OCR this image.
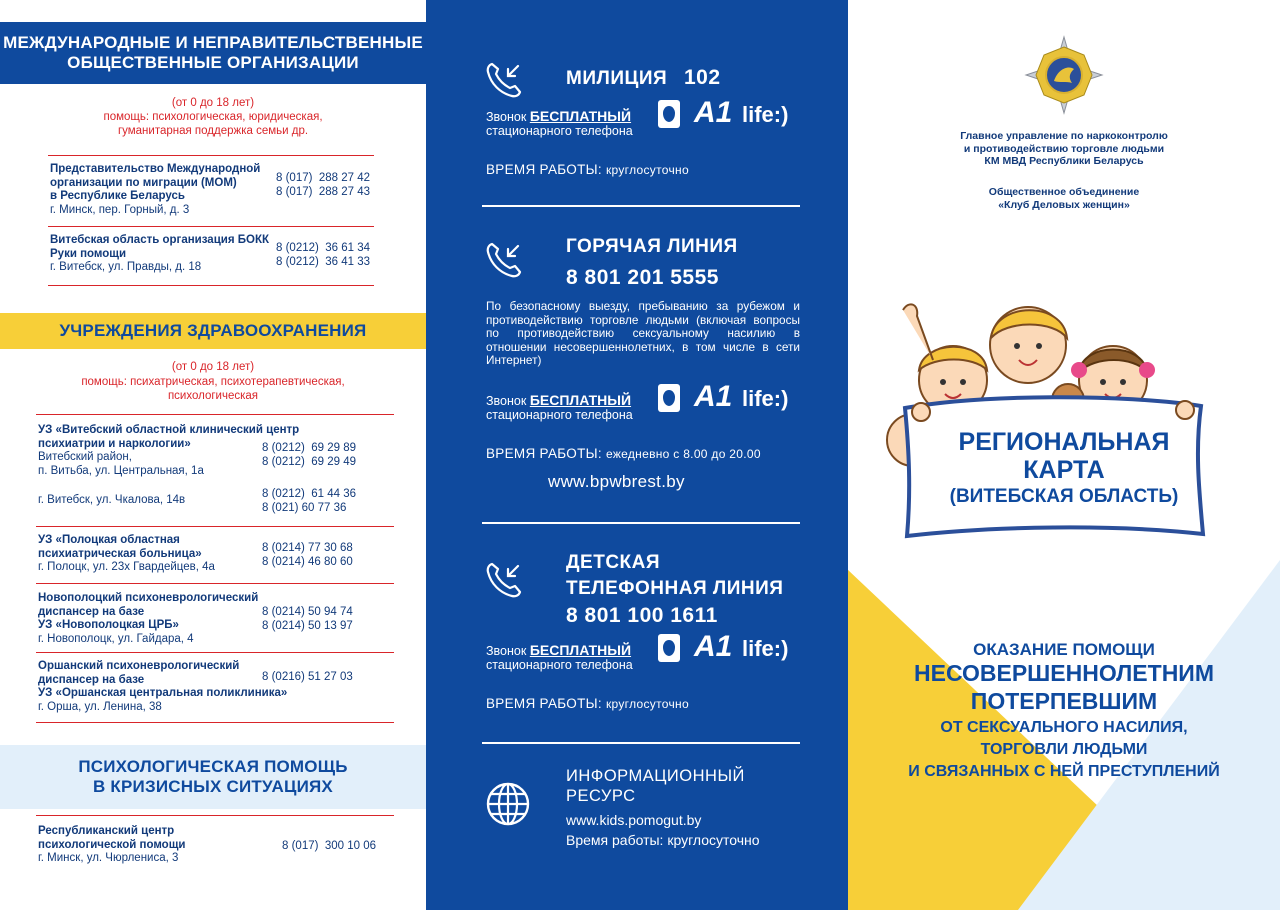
МЕЖДУНАРОДНЫЕ И НЕПРАВИТЕЛЬСТВЕННЫЕ
ОБЩЕСТВЕННЫЕ ОРГАНИЗАЦИИ
(от 0 до 18 лет)
помощь: психологическая, юридическая,
гуманитарная поддержка семьи др.
Представительство Международной
организации по миграции (МОМ)
в Республике Беларусь
г. Минск, пер. Горный, д. 3
8 (017)  288 27 42
8 (017)  288 27 43
Витебская область организация БОКК
Руки помощи
г. Витебск, ул. Правды, д. 18
8 (0212)  36 61 34
8 (0212)  36 41 33
УЧРЕЖДЕНИЯ ЗДРАВООХРАНЕНИЯ
(от 0 до 18 лет)
помощь: психатрическая, психотерапевтическая,
психологическая
УЗ «Витебский областной клинический центр
психиатрии и наркологии»
Витебский район,
п. Витьба, ул. Центральная, 1а
8 (0212)  69 29 89
8 (0212)  69 29 49
г. Витебск, ул. Чкалова, 14в	8 (0212)  61 44 36
8 (021) 60 77 36
УЗ «Полоцкая областная
психиатрическая больница»
г. Полоцк, ул. 23х Гвардейцев, 4а
8 (0214) 77 30 68
8 (0214) 46 80 60
Новополоцкий психоневрологический
диспансер на базе
УЗ «Новополоцкая ЦРБ»
г. Новополоцк, ул. Гайдара, 4
8 (0214) 50 94 74
8 (0214) 50 13 97
Оршанский психоневрологический
диспансер на базе
УЗ «Оршанская центральная поликлиника»
г. Орша, ул. Ленина, 38
8 (0216) 51 27 03
ПСИХОЛОГИЧЕСКАЯ ПОМОЩЬ
В КРИЗИСНЫХ СИТУАЦИЯХ
Республиканский центр
психологической помощи
г. Минск, ул. Чюрлениса, 3
8 (017)  300 10 06
МИЛИЦИЯ 102
Звонок БЕСПЛАТНЫЙ
стационарного телефона
A1 life:)
ВРЕМЯ РАБОТЫ: круглосуточно
ГОРЯЧАЯ ЛИНИЯ
8 801 201 5555
По безопасному выезду, пребыванию за рубежом и противодействию торговле людьми (включая вопросы по противодействию сексуальному насилию в отношении несовершеннолетних, в том числе в сети Интернет)
Звонок БЕСПЛАТНЫЙ
стационарного телефона
A1 life:)
ВРЕМЯ РАБОТЫ: ежедневно с 8.00 до 20.00
www.bpwbrest.by
ДЕТСКАЯ
ТЕЛЕФОННАЯ ЛИНИЯ
8 801 100 1611
Звонок БЕСПЛАТНЫЙ
стационарного телефона
A1 life:)
ВРЕМЯ РАБОТЫ: круглосуточно
ИНФОРМАЦИОННЫЙ
РЕСУРС
www.kids.pomogut.by
Время работы: круглосуточно
Главное управление по наркоконтролю
и противодействию торговле людьми
КМ МВД Республики Беларусь
Общественное объединение
«Клуб Деловых женщин»
РЕГИОНАЛЬНАЯ
КАРТА
(ВИТЕБСКАЯ ОБЛАСТЬ)
ОКАЗАНИЕ ПОМОЩИ
НЕСОВЕРШЕННОЛЕТНИМ
ПОТЕРПЕВШИМ
ОТ СЕКСУАЛЬНОГО НАСИЛИЯ,
ТОРГОВЛИ ЛЮДЬМИ
И СВЯЗАННЫХ С НЕЙ ПРЕСТУПЛЕНИЙ
